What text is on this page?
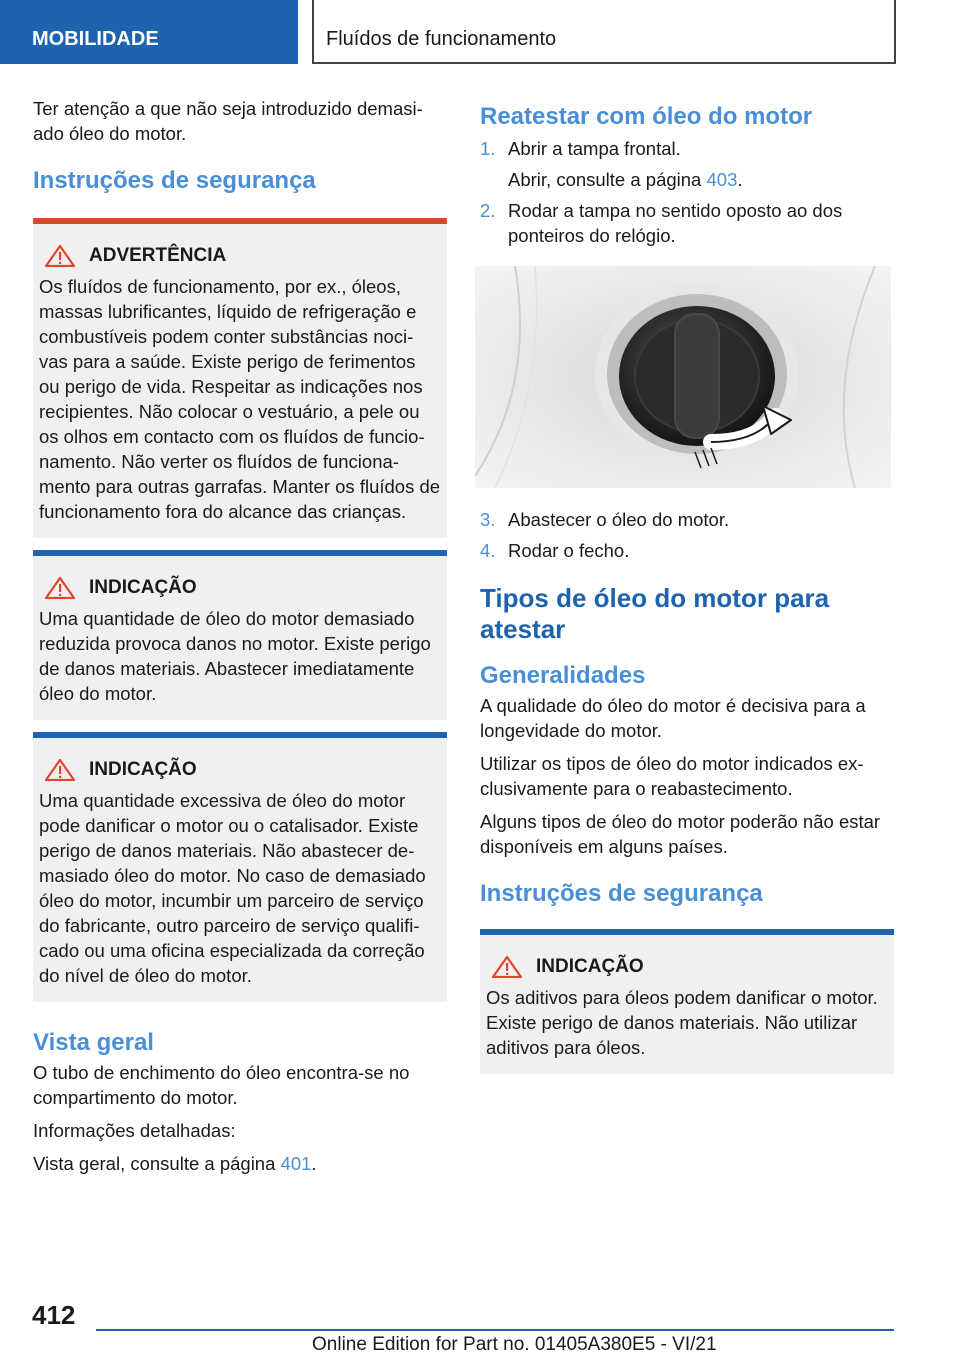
MOBILIDADE	Fluídos de funcionamento

Ter atenção a que não seja introduzido demasi-ado óleo do motor.

Instruções de segurança
ADVERTÊNCIA

Os fluídos de funcionamento, por ex., óleos, massas lubrificantes, líquido de refrigeração e combustíveis podem conter substâncias noci-vas para a saúde. Existe perigo de ferimentos ou perigo de vida. Respeitar as indicações nos recipientes. Não colocar o vestuário, a pele ou os olhos em contacto com os fluídos de funcio-namento. Não verter os fluídos de funciona-mento para outras garrafas. Manter os fluídos de funcionamento fora do alcance das crianças.

INDICAÇÃO

Uma quantidade de óleo do motor demasiado reduzida provoca danos no motor. Existe perigo de danos materiais. Abastecer imediatamente óleo do motor.

INDICAÇÃO

Uma quantidade excessiva de óleo do motor pode danificar o motor ou o catalisador. Existe perigo de danos materiais. Não abastecer de-masiado óleo do motor. No caso de demasiado óleo do motor, incumbir um parceiro de serviço do fabricante, outro parceiro de serviço qualifi-cado ou uma oficina especializada da correção do nível de óleo do motor.

Vista geral

O tubo de enchimento do óleo encontra-se no compartimento do motor.

Informações detalhadas:

Vista geral, consulte a página 401.

Reatestar com óleo do motor
1. Abrir a tampa frontal.
Abrir, consulte a página 403.
2. Rodar a tampa no sentido oposto ao dos ponteiros do relógio.
3. Abastecer o óleo do motor.
4. Rodar o fecho.
Tipos de óleo do motor para atestar
Generalidades

A qualidade do óleo do motor é decisiva para a longevidade do motor.

Utilizar os tipos de óleo do motor indicados ex-clusivamente para o reabastecimento.

Alguns tipos de óleo do motor poderão não estar disponíveis em alguns países.

Instruções de segurança
INDICAÇÃO

Os aditivos para óleos podem danificar o motor. Existe perigo de danos materiais. Não utilizar aditivos para óleos.

412
Online Edition for Part no. 01405A380E5 - VI/21
